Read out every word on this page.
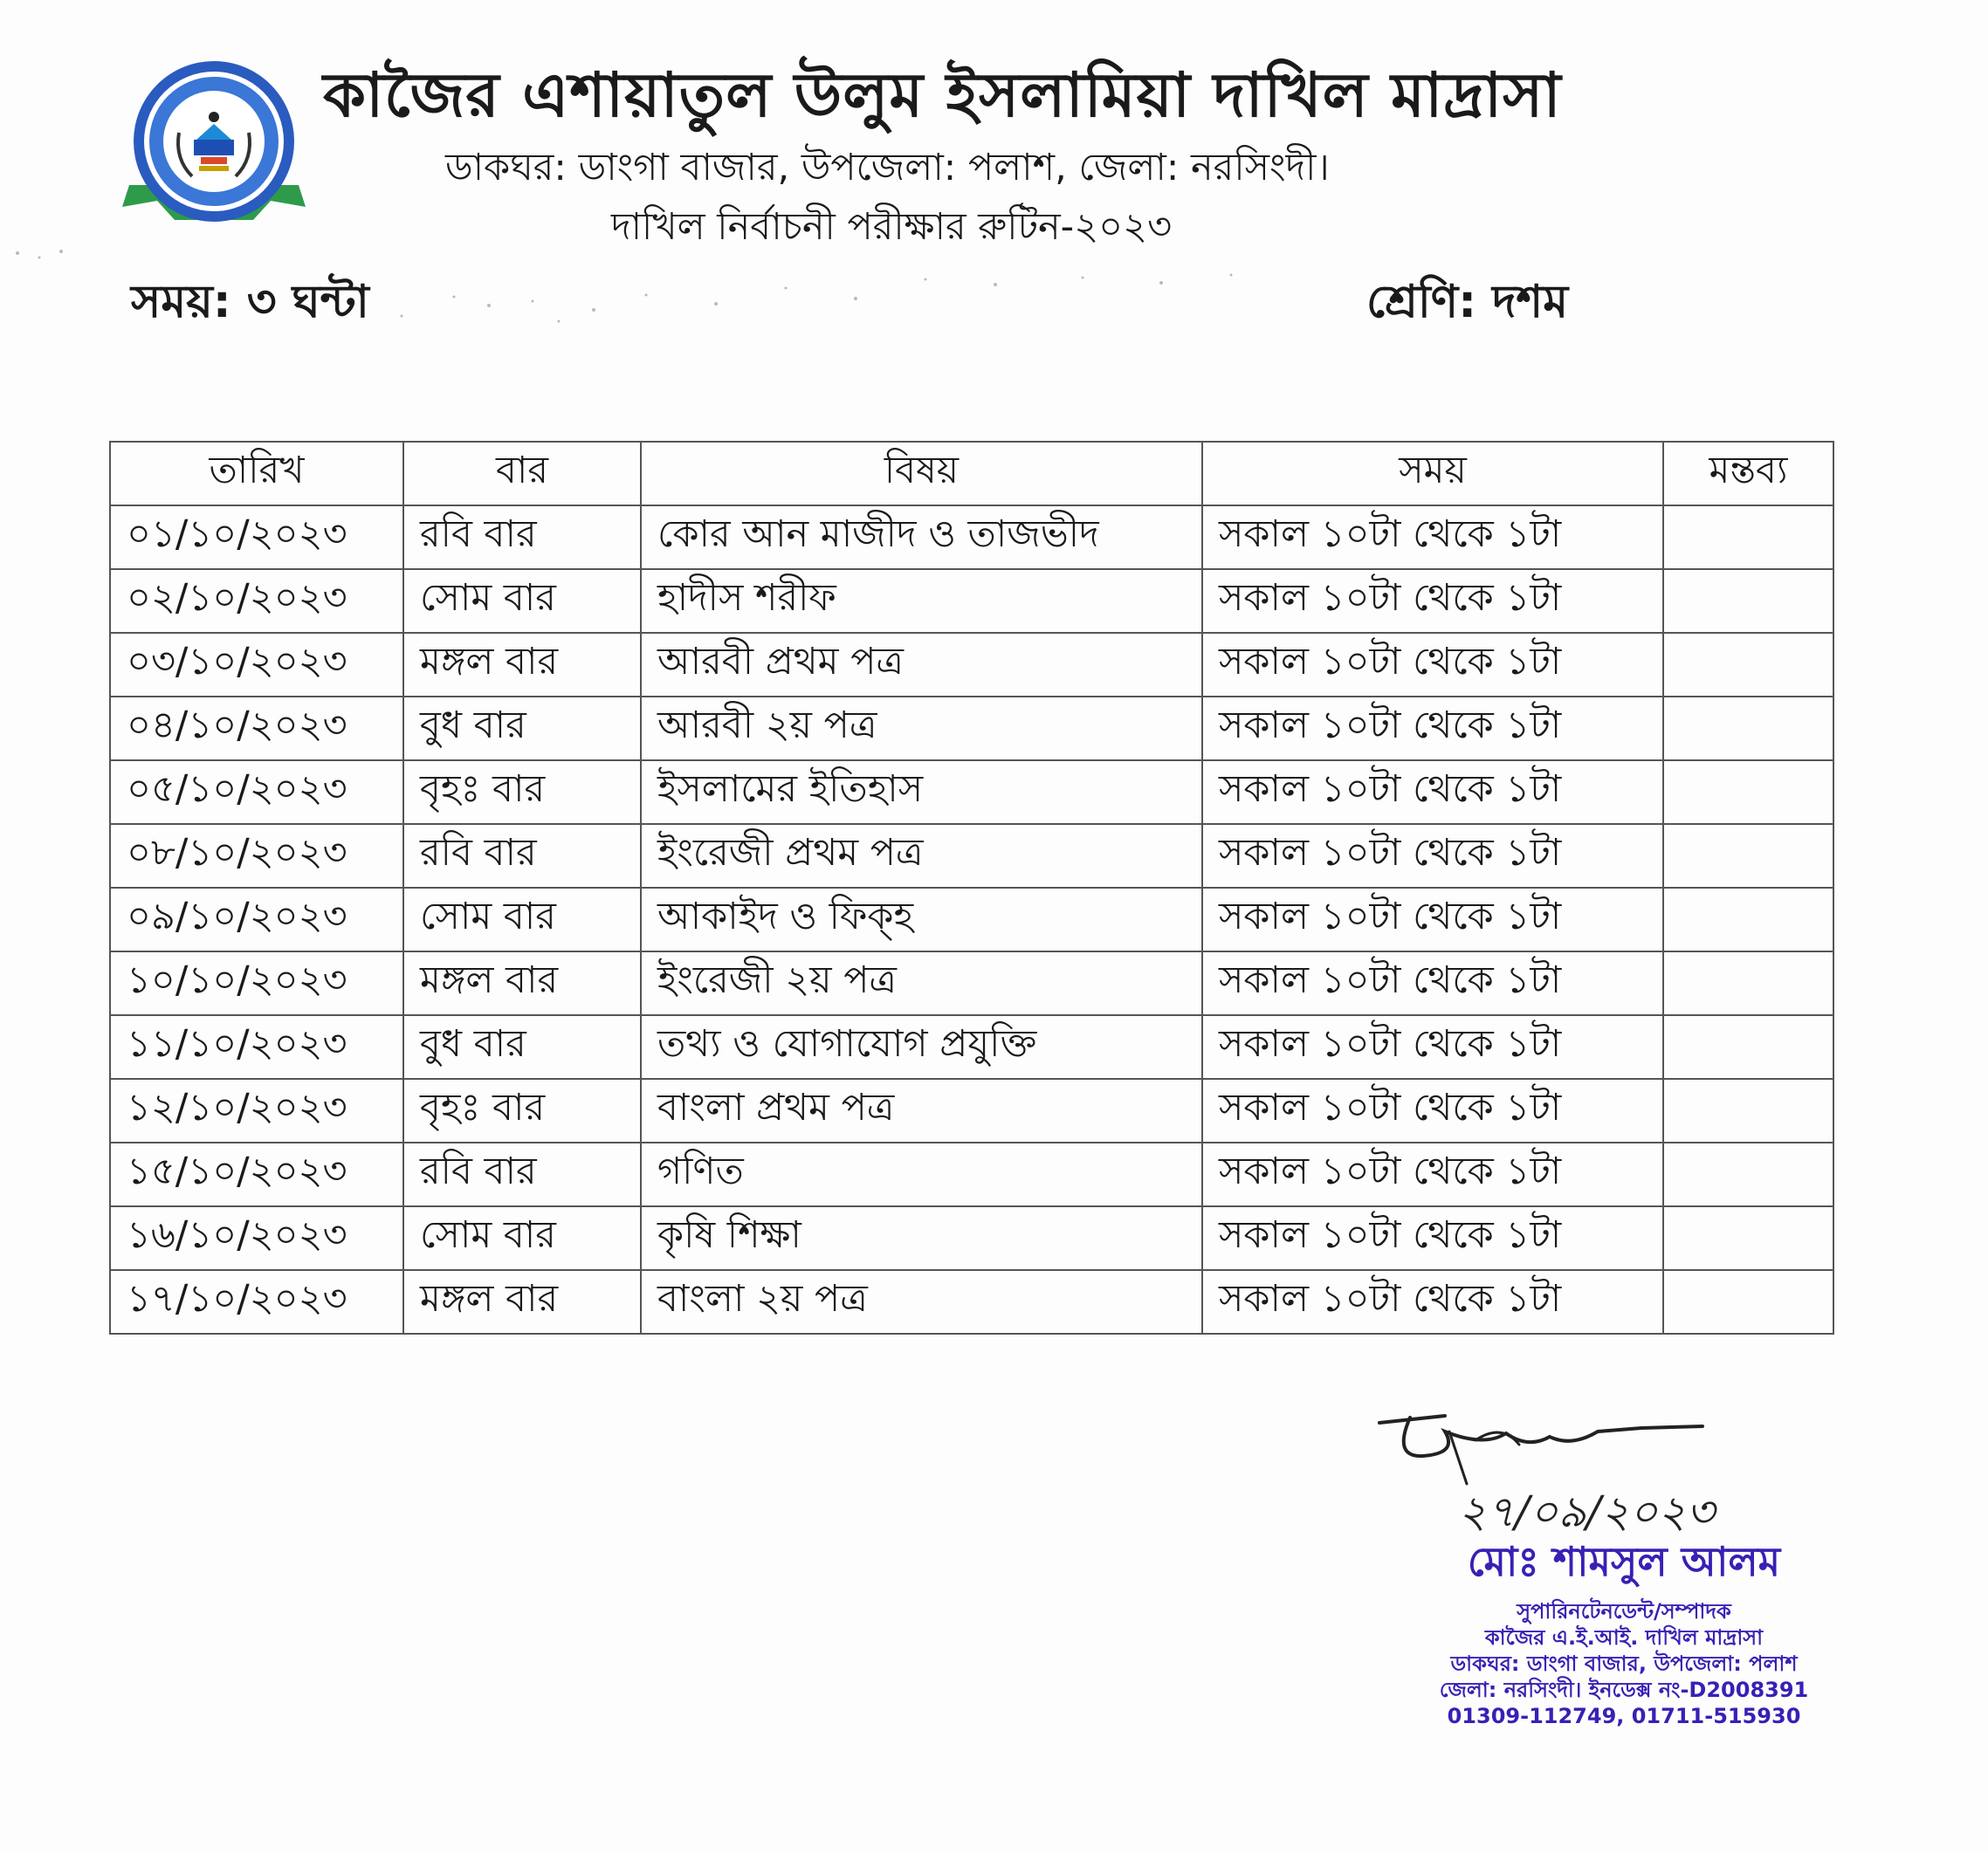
কাজৈর এশায়াতুল উলুম ইসলামিয়া দাখিল মাদ্রাসা
ডাকঘর: ডাংগা বাজার, উপজেলা: পলাশ, জেলা: নরসিংদী।
দাখিল নির্বাচনী পরীক্ষার রুটিন-২০২৩
সময়: ৩ ঘন্টা	শ্রেণি: দশম
তারিখ	বার	বিষয়	সময়	মন্তব্য
০১/১০/২০২৩	রবি বার	কোর আন মাজীদ ও তাজভীদ	সকাল ১০টা থেকে ১টা	
০২/১০/২০২৩	সোম বার	হাদীস শরীফ	সকাল ১০টা থেকে ১টা	
০৩/১০/২০২৩	মঙ্গল বার	আরবী প্রথম পত্র	সকাল ১০টা থেকে ১টা	
০৪/১০/২০২৩	বুধ বার	আরবী ২য় পত্র	সকাল ১০টা থেকে ১টা	
০৫/১০/২০২৩	বৃহঃ বার	ইসলামের ইতিহাস	সকাল ১০টা থেকে ১টা	
০৮/১০/২০২৩	রবি বার	ইংরেজী প্রথম পত্র	সকাল ১০টা থেকে ১টা	
০৯/১০/২০২৩	সোম বার	আকাইদ ও ফিক্‌হ	সকাল ১০টা থেকে ১টা	
১০/১০/২০২৩	মঙ্গল বার	ইংরেজী ২য় পত্র	সকাল ১০টা থেকে ১টা	
১১/১০/২০২৩	বুধ বার	তথ্য ও যোগাযোগ প্রযুক্তি	সকাল ১০টা থেকে ১টা	
১২/১০/২০২৩	বৃহঃ বার	বাংলা প্রথম পত্র	সকাল ১০টা থেকে ১টা	
১৫/১০/২০২৩	রবি বার	গণিত	সকাল ১০টা থেকে ১টা	
১৬/১০/২০২৩	সোম বার	কৃষি শিক্ষা	সকাল ১০টা থেকে ১টা	
১৭/১০/২০২৩	মঙ্গল বার	বাংলা ২য় পত্র	সকাল ১০টা থেকে ১টা	
২৭/০৯/২০২৩
মোঃ শামসুল আলম
সুপারিনটেনডেন্ট/সম্পাদক
কাজৈর এ.ই.আই. দাখিল মাদ্রাসা
ডাকঘর: ডাংগা বাজার, উপজেলা: পলাশ
জেলা: নরসিংদী। ইনডেক্স নং-D2008391
01309-112749, 01711-515930
